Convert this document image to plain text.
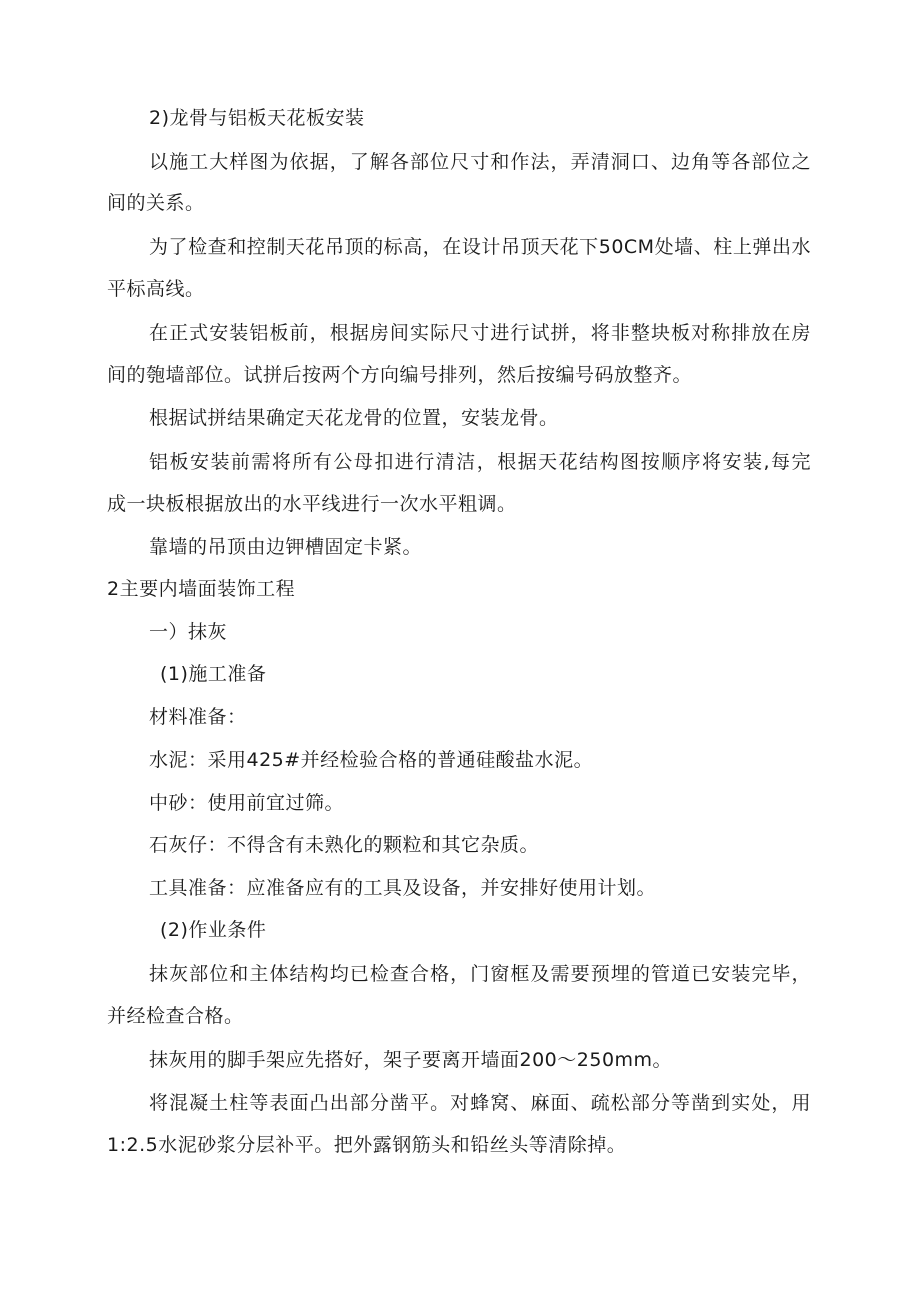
2)龙骨与铝板天花板安装
以施工大样图为依据，了解各部位尺寸和作法，弄清洞口、边角等各部位之
间的关系。
为了检查和控制天花吊顶的标高，在设计吊顶天花下50CM处墙、柱上弹出水
平标高线。
在正式安装铝板前，根据房间实际尺寸进行试拼，将非整块板对称排放在房
间的匏墙部位。试拼后按两个方向编号排列，然后按编号码放整齐。
根据试拼结果确定天花龙骨的位置，安装龙骨。
铝板安装前需将所有公母扣进行清洁，根据天花结构图按顺序将安装,每完
成一块板根据放出的水平线进行一次水平粗调。
靠墙的吊顶由边钾槽固定卡紧。
2主要内墙面装饰工程
一）抹灰
(1)施工准备
材料准备：
水泥：采用425#并经检验合格的普通硅酸盐水泥。
中砂：使用前宜过筛。
石灰仔：不得含有未熟化的颗粒和其它杂质。
工具准备：应准备应有的工具及设备，并安排好使用计划。
(2)作业条件
抹灰部位和主体结构均已检查合格，门窗框及需要预埋的管道已安装完毕，
并经检查合格。
抹灰用的脚手架应先搭好，架子要离开墙面200〜250mm。
将混凝土柱等表面凸出部分凿平。对蜂窝、麻面、疏松部分等凿到实处，用
1:2.5水泥砂浆分层补平。把外露钢筋头和铅丝头等清除掉。
